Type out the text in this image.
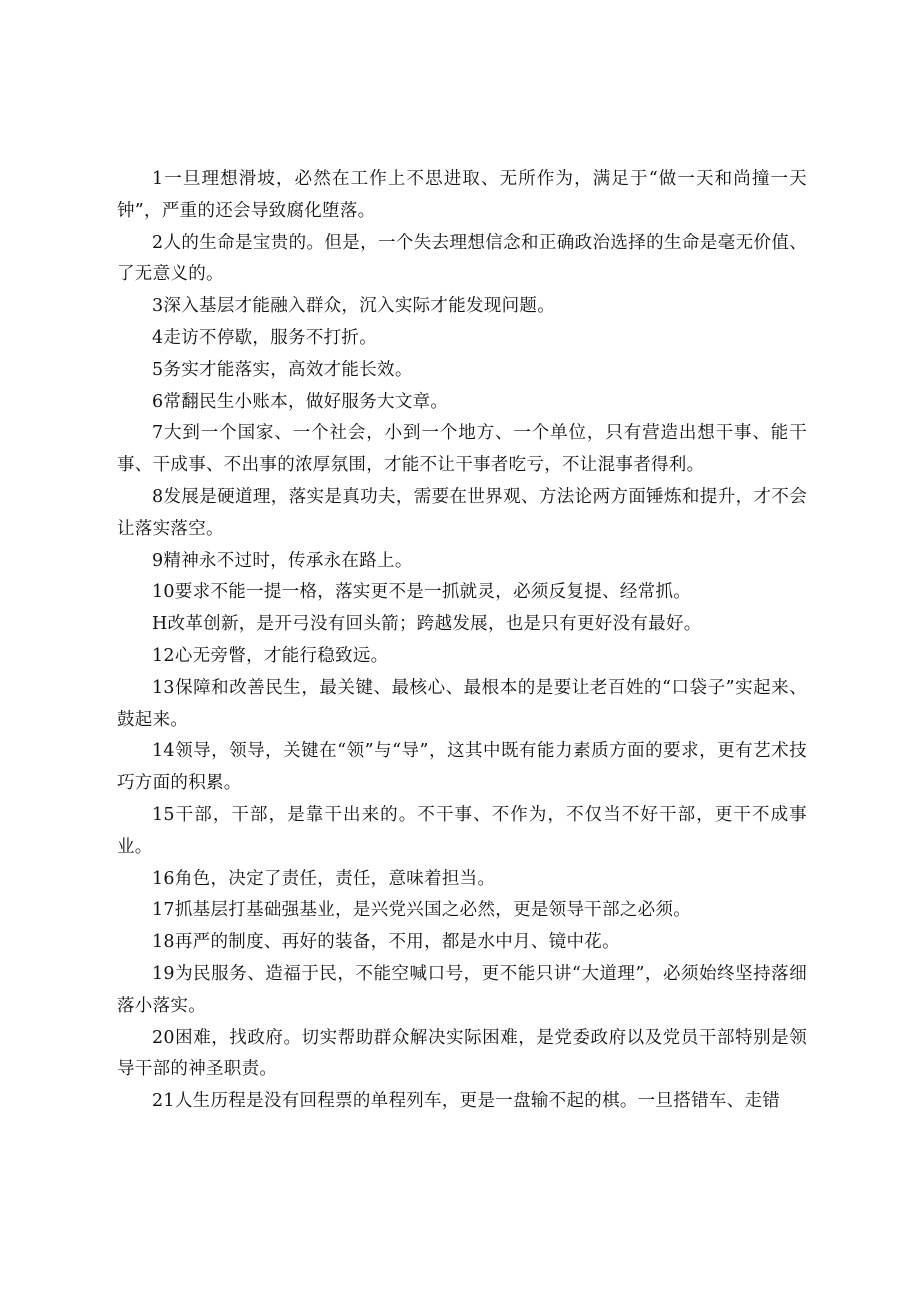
1一旦理想滑坡，必然在工作上不思进取、无所作为，满足于“做一天和尚撞一天钟”，严重的还会导致腐化堕落。

2人的生命是宝贵的。但是，一个失去理想信念和正确政治选择的生命是毫无价值、了无意义的。

3深入基层才能融入群众，沉入实际才能发现问题。

4走访不停歇，服务不打折。

5务实才能落实，高效才能长效。

6常翻民生小账本，做好服务大文章。

7大到一个国家、一个社会，小到一个地方、一个单位，只有营造出想干事、能干事、干成事、不出事的浓厚氛围，才能不让干事者吃亏，不让混事者得利。

8发展是硬道理，落实是真功夫，需要在世界观、方法论两方面锤炼和提升，才不会让落实落空。

9精神永不过时，传承永在路上。

10要求不能一提一格，落实更不是一抓就灵，必须反复提、经常抓。

H改革创新，是开弓没有回头箭；跨越发展，也是只有更好没有最好。

12心无旁瞥，才能行稳致远。

13保障和改善民生，最关键、最核心、最根本的是要让老百姓的“口袋子”实起来、鼓起来。

14领导，领导，关键在“领”与“导”，这其中既有能力素质方面的要求，更有艺术技巧方面的积累。

15干部，干部，是靠干出来的。不干事、不作为，不仅当不好干部，更干不成事业。

16角色，决定了责任，责任，意味着担当。

17抓基层打基础强基业，是兴党兴国之必然，更是领导干部之必须。

18再严的制度、再好的装备，不用，都是水中月、镜中花。

19为民服务、造福于民，不能空喊口号，更不能只讲“大道理”，必须始终坚持落细落小落实。

20困难，找政府。切实帮助群众解决实际困难，是党委政府以及党员干部特别是领导干部的神圣职责。

21人生历程是没有回程票的单程列车，更是一盘输不起的棋。一旦搭错车、走错
